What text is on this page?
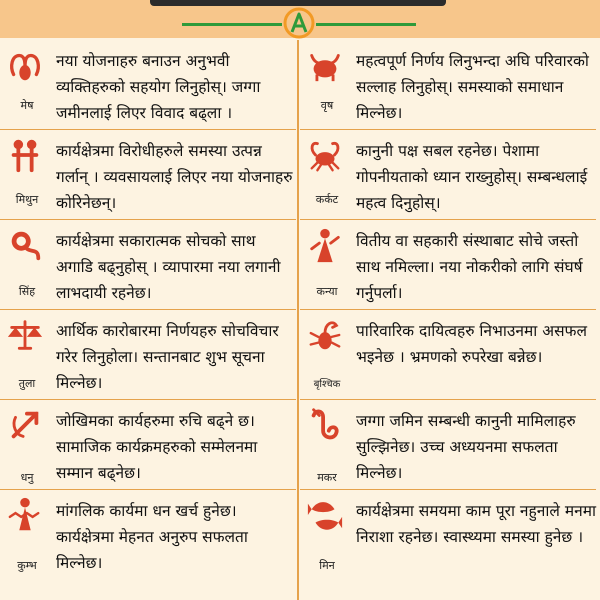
मेष
नया योजनाहरु बनाउन अनुभवी व्यक्तिहरुको सहयोग लिनुहोस्। जग्गा जमीनलाई लिएर विवाद बढ्ला ।	वृष
महत्वपूर्ण निर्णय लिनुभन्दा अघि परिवारको सल्लाह लिनुहोस्। समस्याको समाधान मिल्नेछ।
मिथुन
कार्यक्षेत्रमा विरोधीहरुले समस्या उत्पन्न गर्लान् । व्यवसायलाई लिएर नया योजनाहरु कोरिनेछन्।	कर्कट
कानुनी पक्ष सबल रहनेछ। पेशामा गोपनीयताको ध्यान राख्नुहोस्। सम्बन्धलाई महत्व दिनुहोस्।
सिंह
कार्यक्षेत्रमा सकारात्मक सोचको साथ अगाडि बढ्नुहोस् । व्यापारमा नया लगानी लाभदायी रहनेछ।	कन्या
वितीय वा सहकारी संस्थाबाट सोचे जस्तो साथ नमिल्ला। नया नोकरीको लागि संघर्ष गर्नुपर्ला।
तुला
आर्थिक कारोबारमा निर्णयहरु सोचविचार गरेर लिनुहोला। सन्तानबाट शुभ सूचना मिल्नेछ।	बृश्चिक
पारिवारिक दायित्वहरु निभाउनमा असफल भइनेछ । भ्रमणको रुपरेखा बन्नेछ।
धनु
जोखिमका कार्यहरुमा रुचि बढ्ने छ। सामाजिक कार्यक्रमहरुको सम्मेलनमा सम्मान बढ्नेछ।	मकर
जग्गा जमिन सम्बन्धी कानुनी मामिलाहरु सुल्झिनेछ। उच्च अध्ययनमा सफलता मिल्नेछ।
कुम्भ
मांगलिक कार्यमा धन खर्च हुनेछ। कार्यक्षेत्रमा मेहनत अनुरुप सफलता मिल्नेछ।	मिन
कार्यक्षेत्रमा समयमा काम पूरा नहुनाले मनमा निराशा रहनेछ। स्वास्थ्यमा समस्या हुनेछ ।
